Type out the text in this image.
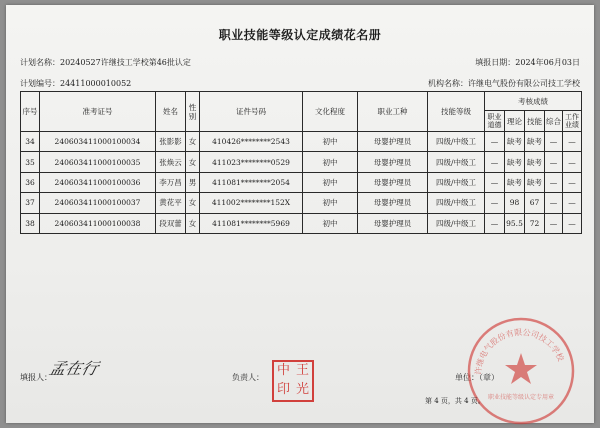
职业技能等级认定成绩花名册
计划名称：20240527许继技工学校第46批认定	填报日期：2024年06月03日
计划编号：24411000010052	机构名称：许继电气股份有限公司技工学校
序号	准考证号	姓名	性别	证件号码	文化程度	职业工种	技能等级	考核成绩				
								职业道德	理论	技能	综合	工作业绩
34	240603411000100034	张影影	女	410426********2543	初中	母婴护理员	四级/中级工	—	缺考	缺考	—	—
35	240603411000100035	张焕云	女	411023********0529	初中	母婴护理员	四级/中级工	—	缺考	缺考	—	—
36	240603411000100036	李万昌	男	411081********2054	初中	母婴护理员	四级/中级工	—	缺考	缺考	—	—
37	240603411000100037	黄花平	女	411002********152X	初中	母婴护理员	四级/中级工	—	98	67	—	—
38	240603411000100038	段双蕾	女	411081********5969	初中	母婴护理员	四级/中级工	—	95.5	72	—	—
填报人：
孟在行	负责人： 中 王
印 光
单位：（章）
许继电气股份有限公司技工学校
职业技能等级认定专用章
第 4 页，共 4 页。
